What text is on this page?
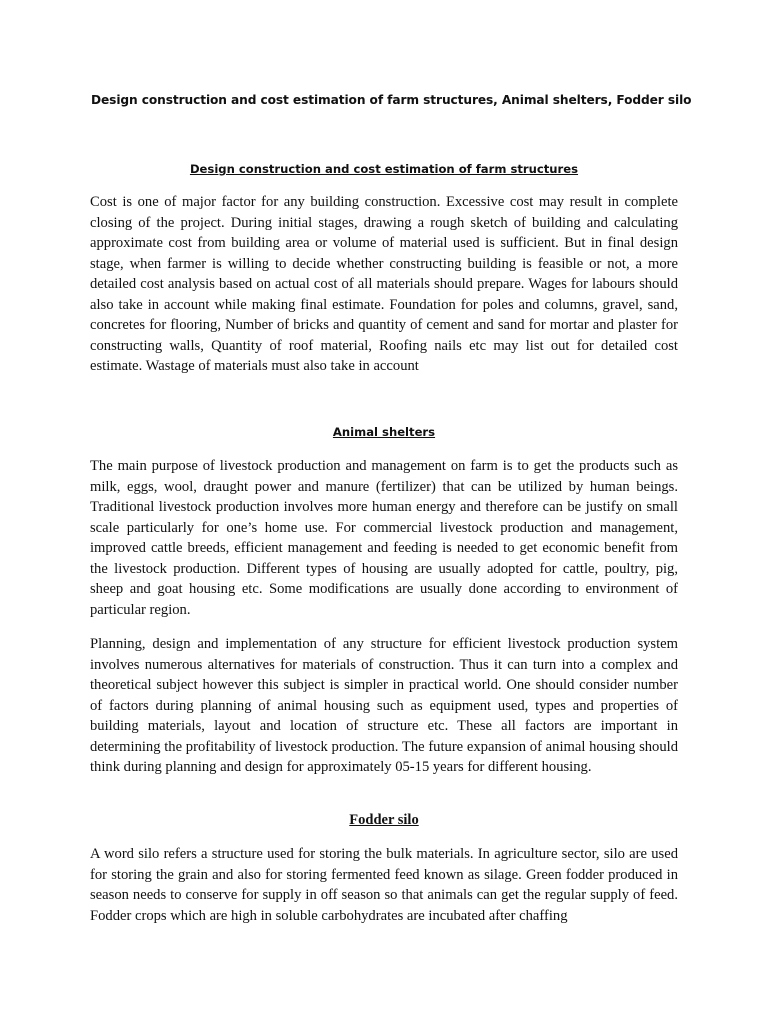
Design construction and cost estimation of farm structures, Animal shelters, Fodder silo
Design construction and cost estimation of farm structures

Cost is one of major factor for any building construction. Excessive cost may result in complete closing of the project. During initial stages, drawing a rough sketch of building and calculating approximate cost from building area or volume of material used is sufficient. But in final design stage, when farmer is willing to decide whether constructing building is feasible or not, a more detailed cost analysis based on actual cost of all materials should prepare. Wages for labours should also take in account while making final estimate. Foundation for poles and columns, gravel, sand, concretes for flooring, Number of bricks and quantity of cement and sand for mortar and plaster for constructing walls, Quantity of roof material, Roofing nails etc may list out for detailed cost estimate. Wastage of materials must also take in account

Animal shelters

The main purpose of livestock production and management on farm is to get the products such as milk, eggs, wool, draught power and manure (fertilizer) that can be utilized by human beings. Traditional livestock production involves more human energy and therefore can be justify on small scale particularly for one’s home use. For commercial livestock production and management, improved cattle breeds, efficient management and feeding is needed to get economic benefit from the livestock production. Different types of housing are usually adopted for cattle, poultry, pig, sheep and goat housing etc. Some modifications are usually done according to environment of particular region.

Planning, design and implementation of any structure for efficient livestock production system involves numerous alternatives for materials of construction. Thus it can turn into a complex and theoretical subject however this subject is simpler in practical world. One should consider number of factors during planning of animal housing such as equipment used, types and properties of building materials, layout and location of structure etc. These all factors are important in determining the profitability of livestock production. The future expansion of animal housing should think during planning and design for approximately 05-15 years for different housing.

Fodder silo

A word silo refers a structure used for storing the bulk materials. In agriculture sector, silo are used for storing the grain and also for storing fermented feed known as silage. Green fodder produced in season needs to conserve for supply in off season so that animals can get the regular supply of feed. Fodder crops which are high in soluble carbohydrates are incubated after chaffing
